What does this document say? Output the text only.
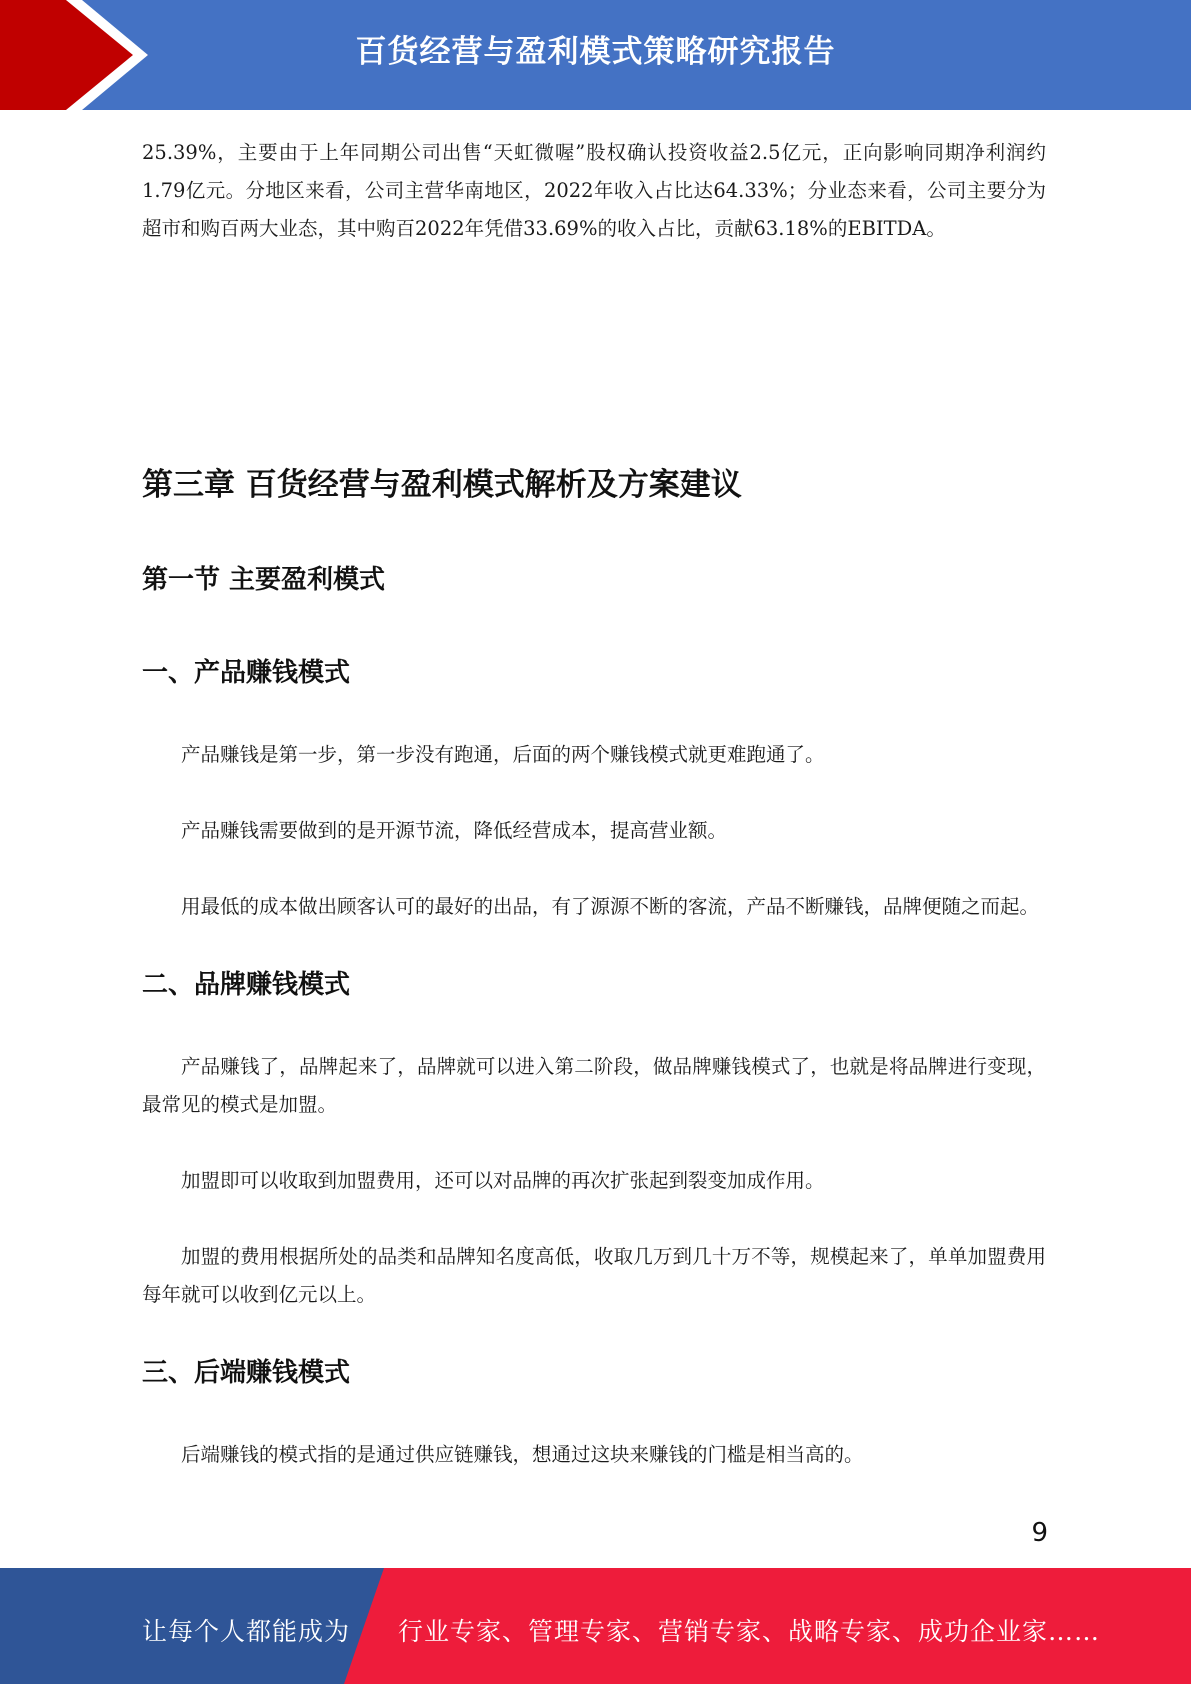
百货经营与盈利模式策略研究报告

25.39%，主要由于上年同期公司出售“天虹微喔”股权确认投资收益2.5亿元，正向影响同期净利润约1.79亿元。分地区来看，公司主营华南地区，2022年收入占比达64.33%；分业态来看，公司主要分为超市和购百两大业态，其中购百2022年凭借33.69%的收入占比，贡献63.18%的EBITDA。

第三章 百货经营与盈利模式解析及方案建议
第一节 主要盈利模式
一、产品赚钱模式

产品赚钱是第一步，第一步没有跑通，后面的两个赚钱模式就更难跑通了。

产品赚钱需要做到的是开源节流，降低经营成本，提高营业额。

用最低的成本做出顾客认可的最好的出品，有了源源不断的客流，产品不断赚钱，品牌便随之而起。

二、品牌赚钱模式

产品赚钱了，品牌起来了，品牌就可以进入第二阶段，做品牌赚钱模式了，也就是将品牌进行变现，最常见的模式是加盟。

加盟即可以收取到加盟费用，还可以对品牌的再次扩张起到裂变加成作用。

加盟的费用根据所处的品类和品牌知名度高低，收取几万到几十万不等，规模起来了，单单加盟费用每年就可以收到亿元以上。

三、后端赚钱模式

后端赚钱的模式指的是通过供应链赚钱，想通过这块来赚钱的门槛是相当高的。

9
让每个人都能成为 行业专家、管理专家、营销专家、战略专家、成功企业家……
